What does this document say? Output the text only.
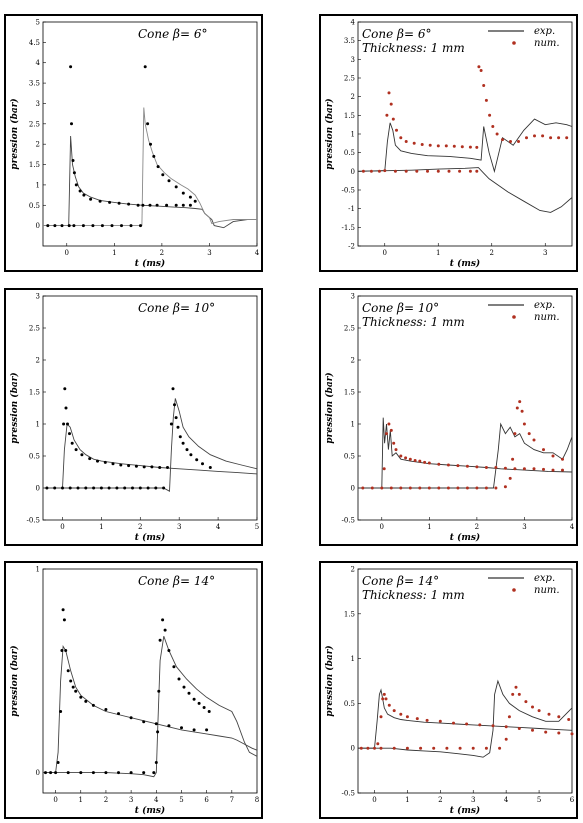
0	1	2	3	4
0
0.5
1
1.5
2
2.5
3
3.5
4
4.5
5
t (ms)
pression (bar)
Cone β= 6°
0	1	2	3
-2
-1.5
-1
-0.5
0
0.5
1
1.5
2
2.5
3
3.5
4
t (ms)
pression (bar)
Cone β= 6°
Thickness: 1 mm
exp.
num.
0	1	2	3	4	5
-0.5
0
0.5
1
1.5
2
2.5
3
t (ms)
pression (bar)
Cone β= 10°
0	1	2	3	4
-0.5
0
0.5
1
1.5
2
2.5
3
t (ms)
pression (bar)
Cone β= 10°
Thickness: 1 mm
exp.
num.
0	1	2	3	4	5	6	7	8
0
1
t (ms)
pression (bar)
Cone β= 14°
0	1	2	3	4	5	6
-0.5
0
0.5
1
1.5
2
t (ms)
pression (bar)
Cone β= 14°
Thickness: 1 mm
exp.
num.
